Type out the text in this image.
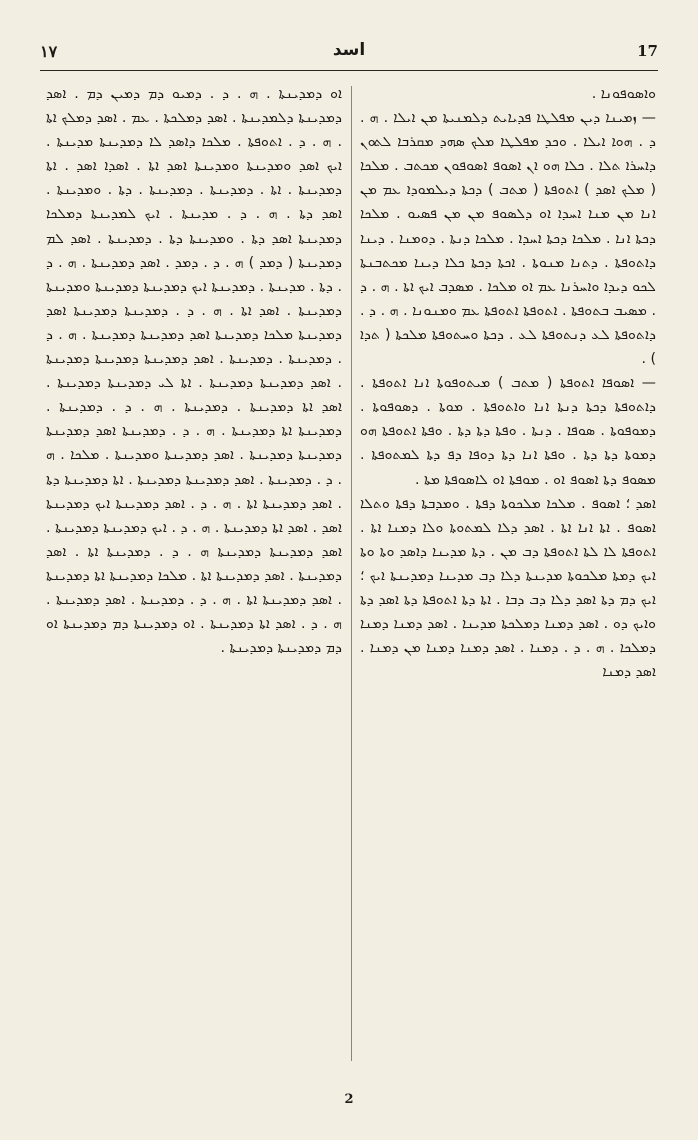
۱۷	اسد	17

ܘܐܣܘܦܘܢܐ .

— ܙܡܝܢܐ ܕܝܢ ܡܦܠܛܐ ܦܕܝܐܝܬ ܕܠܡܢܝܬܐ ܡܢ ܐܝܠܐ . ܗ . ܕ . ܗܘܐ ܐܝܠܐ . ܘܟܕ ܡܦܠܛܐ ܡܠܟ ܣܗܕ ܡܩܪܒܐ ܠܬܘܢ ܕܐܚܪܐ ܬܠܐ . ܟܠܐ ܗܘ ܐܢ ܐܣܘܦ ܐܣܘܦܘܢ ܡܟܬܒ . ܡܠܟܐ ( ܡܠܟ ܐܣܕ ) ܐܬܘܦܬܐ ( ܡܬܒ ) ܕܟܬܐ ܕܝܠܡܘܕܐ ܥܡ ܡܢ ܐܢܐ ܡܢ ܡܢܐ ܐܚܕܐ ܐܘ ܕܠܣܘܦ ܡܢ ܡܢ ܦܣܝܘ . ܡܠܟܐ ܕܟܬܐ ܐܢܐ . ܡܠܟܐ ܕܟܬܐ ܐܚܕܐ . ܡܠܟܐ ܕܢܬܐ . ܕܘܡܢܐ . ܕܝܢܐ ܕܐܬܘܦܬܐ . ܕܬܢܐ ܡܢܘܬܐ . ܐܟܬܐ ܕܟܬܐ ܟܠܐ ܕܝܢܐ ܡܟܬܒܢܬܐ ܠܟܘ ܕܝܕܐ ܘܐܚܪܢܐ ܥܡ ܐܘ ܡܠܟܐ . ܡܣܕܒ ܐܝܟ ܐܬܐ . ܗ . ܕ . ܡܣܝܒ ܒܬܘܦܬܐ . ܐܬܘܦܬܐ ܐܬܘܦܬܐ ܥܡ ܘܡܢܘܢܐ . ܗ . ܕ . ܕܐܬܘܦܬܐ ܠܥ ܕܢܬܘܦܬܐ ܠܥ . ܕܟܬܐ ܘܚܬܘܦܬܐ ܡܠܟܬܐ ( ܬܕܐ ) .

— ܐܣܘܦܐ ܐܬܘܦܬܐ ( ܡܬܒ ) ܡܝܬܘܦܘܬܐ ܐܢܐ ܐܬܘܦܬܐ . ܕܐܬܘܦܬܐ ܕܟܬܐ ܕܢܬܐ ܐܢܐ ܘܐܬܘܦܬܐ . ܡܘܬܐ . ܕܣܘܦܘܬܐ . ܕܡܘܦܘܬܐ . ܣܘܦܐ . ܕܢܬܐ . ܘܦܬܐ ܕܬܐ ܕܬܐ . ܘܦܬܐ ܐܬܘܦܬܐ ܗܘ ܕܡܘܬܐ ܕܬܐ ܕܬܐ . ܘܦܬܐ ܐܢܐ ܕܬܐ ܕܘܦܐ ܕܦ ܕܬܐ ܠܡܬܘܦܬܐ . ܡܣܘܦ ܕܬܐ ܐܣܘܦ ܐܘ . ܡܘܦܬܐ ܐܘ ܠܐܣܘܦܬܐ ܡܬܐ .

ܐܣܕ ؛ ܐܣܘܦ . ܡܠܟܐ ܡܠܟܘܬܐ ܕܦܬܐ . ܘܡܕܒܬܐ ܕܦܬܐ ܘܬܠܐ ܐܣܘܦ . ܐܬܐ ܐܢܐ ܐܬܐ . ܐܣܕ ܕܠܐ ܠܡܬܘܬܐ ܘܠܐ ܕܡܢܐ ܐܬܐ . ܐܬܘܦܬܐ ܠܐ ܠܬܐ ܐܬܘܦܬܐ ܕܒ ܡܢ . ܕܬܐ ܡܕܝܢܐ ܕܐܣܕ ܘܬܐ ܘܬܐ ܐܝܟ ܕܡܬܐ ܡܠܟܘܬܐ ܡܕܝܢܬܐ ܕܠܐ ܕܒ ܡܕܝܢܐ ܕܡܕܝܢܬܐ ܐܝܟ ؛ ܐܝܟ ܕܡ ܕܬܐ ܐܣܕ ܕܠܐ ܕܒ ܕܒܐ . ܐܬܐ ܕܬܐ ܐܬܘܦܬܐ ܕܬܐ ܐܣܕ ܕܬܐ ܘܐܝܟ ܕܘ . ܐܣܕ ܕܡܢܐ ܕܡܠܟܬܐ ܡܕܝܢܐ . ܐܣܕ ܕܡܢܐ ܕܡܢܐ ܕܡܠܟܐ . ܗ . ܕ . ܕܡܢܐ . ܐܣܕ ܕܡܢܐ ܕܡܢܐ ܡܢ ܕܡܢܐ . ܐܣܕ ܕܡܢܐ

ܐܘ ܕܡܕܝܢܬܐ . ܗ . ܕ . ܕܡܝܘ ܕܡ ܕܡܝܢ ܕܡ . ܐܣܕ ܕܡܕܝܢܬܐ ܕܠܡܕܝܢܬܐ . ܐܣܕ ܕܡܠܟܬܐ . ܥܡ . ܐܣܕ ܕܡܠܟ ܐܬܐ . ܗ . ܕ . ܐܬܘܦܬܐ . ܡܠܟܐ ܕܐܣܕ ܠܐ ܕܡܕܝܢܬܐ ܡܕܝܢܬܐ . ܐܝܟ ܐܣܕ ܘܡܕܝܢܬܐ ܘܡܕܝܢܬܐ ܐܣܕ ܐܬܐ . ܐܣܕܐ ܐܣܕ . ܐܬܐ ܕܡܕܝܢܬܐ . ܐܬܐ . ܕܡܕܝܢܬܐ . ܕܡܕܝܢܬܐ . ܕܬܐ . ܘܡܕܝܢܬܐ . ܐܣܕ ܕܬܐ . ܗ . ܕ . ܡܕܝܢܬܐ . ܐܝܟ ܠܡܕܝܢܬܐ ܕܡܠܟܐ ܕܡܕܝܢܬܐ ܐܣܕ ܕܬܐ . ܘܡܕܝܢܬܐ ܕܬܐ . ܕܡܕܝܢܬܐ . ܐܣܕ ܠܡ ܕܡܕܝܢܬܐ ( ܕܡܕ ) ܗ . ܕ . ܕܡܕ . ܐܣܕ ܕܡܕܝܢܬܐ . ܗ . ܕ . ܕܬܐ . ܡܕܝܢܬܐ . ܕܡܕܝܢܬܐ ܐܝܟ ܕܡܕܝܢܬܐ ܕܡܕܝܢܬܐ ܘܡܕܝܢܬܐ ܕܡܕܝܢܬܐ . ܐܣܕ ܐܬܐ . ܗ . ܕ . ܕܡܕܝܢܬܐ ܕܡܕܝܢܬܐ ܐܣܕ ܕܡܕܝܢܬܐ ܡܠܟܐ ܕܡܕܝܢܬܐ ܐܣܕ ܕܡܕܝܢܬܐ ܕܡܕܝܢܬܐ . ܗ . ܕ . ܕܡܕܝܢܬܐ . ܕܡܕܝܢܬܐ . ܐܣܕ ܕܡܕܝܢܬܐ ܕܡܕܝܢܬܐ ܕܡܕܝܢܬܐ . ܐܣܕ ܕܡܕܝܢܬܐ ܕܡܕܝܢܬܐ . ܐܬܐ ܠܝ ܕܡܕܝܢܬܐ ܕܡܕܝܢܬܐ . ܐܣܕ ܐܬܐ ܕܡܕܝܢܬܐ . ܕܡܕܝܢܬܐ . ܗ . ܕ . ܕܡܕܝܢܬܐ . ܕܡܕܝܢܬܐ ܐܬܐ ܕܡܕܝܢܬܐ . ܗ . ܕ . ܕܡܕܝܢܬܐ ܐܣܕ ܕܡܕܝܢܬܐ ܕܡܕܝܢܬܐ ܕܡܕܝܢܬܐ . ܐܣܕ ܕܡܕܝܢܬܐ ܘܡܕܝܢܬܐ . ܡܠܟܐ . ܗ . ܕ . ܕܡܕܝܢܬܐ . ܐܣܕ ܕܡܕܝܢܬܐ ܕܡܕܝܢܬܐ . ܐܬܐ ܕܡܕܝܢܬܐ ܕܬܐ . ܐܣܕ ܕܡܕܝܢܬܐ ܐܬܐ . ܗ . ܕ . ܐܣܕ ܕܡܕܝܢܬܐ ܐܝܟ ܕܡܕܝܢܬܐ ܐܣܕ . ܐܣܕ ܐܬܐ ܕܡܕܝܢܬܐ . ܗ . ܕ . ܐܝܟ ܕܡܕܝܢܬܐ ܕܡܕܝܢܬܐ . ܐܣܕ ܕܡܕܝܢܬܐ ܕܡܕܝܢܬܐ ܗ . ܕ . ܕܡܕܝܢܬܐ ܐܬܐ . ܐܣܕ ܕܡܕܝܢܬܐ . ܐܣܕ ܕܡܕܝܢܬܐ ܐܬܐ . ܡܠܟܐ ܕܡܕܝܢܬܐ ܐܬܐ ܕܡܕܝܢܬܐ . ܐܣܕ ܕܡܕܝܢܬܐ ܐܬܐ . ܗ . ܕ . ܕܡܕܝܢܬܐ . ܐܣܕ ܕܡܕܝܢܬܐ . ܗ . ܕ . ܐܣܕ ܐܬܐ ܕܡܕܝܢܬܐ . ܐܘ ܕܡܕܝܢܬܐ ܕܡ ܕܡܕܝܢܬܐ ܐܘ ܕܡ ܕܡܕܝܢܬܐ ܕܡܕܝܢܬܐ .

2
